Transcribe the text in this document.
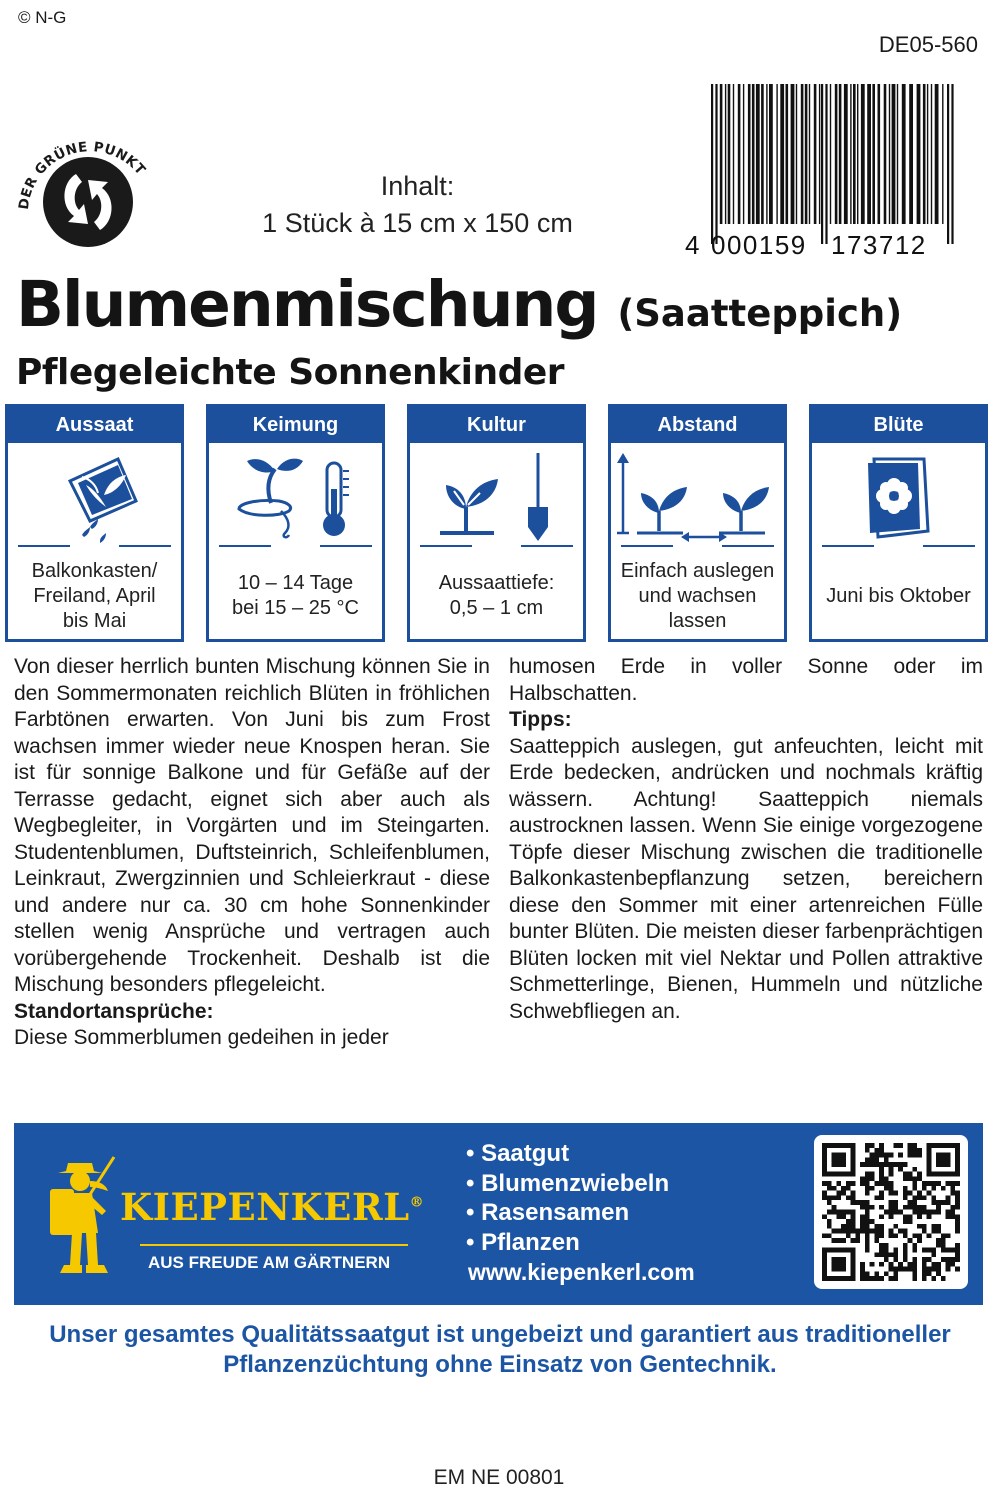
© N-G
DE05-560
DER GRÜNE PUNKT
Inhalt:
1 Stück à 15 cm x 150 cm
4 000159 173712
Blumenmischung (Saatteppich)
Pflegeleichte Sonnenkinder
Aussaat
Balkonkasten/
Freiland, April
bis Mai
Keimung
10 – 14 Tage
bei 15 – 25 °C
Kultur
Aussaattiefe:
0,5 – 1 cm
Abstand
Einfach auslegen
und wachsen
lassen
Blüte
Juni bis Oktober

Von dieser herrlich bunten Mischung können Sie in den Sommermonaten reichlich Blüten in fröhlichen Farbtönen erwarten. Von Juni bis zum Frost wachsen immer wieder neue Knospen heran. Sie ist für sonnige Balkone und für Gefäße auf der Terrasse gedacht, eignet sich aber auch als Wegbegleiter, in Vorgärten und im Steingarten. Studentenblumen, Duftsteinrich, Schleifenblumen, Leinkraut, Zwergzinnien und Schleierkraut - diese und andere nur ca. 30 cm hohe Sonnenkinder stellen wenig Ansprüche und vertragen auch vorübergehende Trockenheit. Deshalb ist die Mischung besonders pflegeleicht.

Standortansprüche:

Diese Sommerblumen gedeihen in jeder

humosen Erde in voller Sonne oder im Halbschatten.

Tipps:

Saatteppich auslegen, gut anfeuchten, leicht mit Erde bedecken, andrücken und nochmals kräftig wässern. Achtung! Saatteppich niemals austrocknen lassen. Wenn Sie einige vorgezogene Töpfe dieser Mischung zwischen die traditionelle Balkonkastenbepflanzung setzen, bereichern diese den Sommer mit einer artenreichen Fülle bunter Blüten. Die meisten dieser farbenprächtigen Blüten locken mit viel Nektar und Pollen attraktive Schmetterlinge, Bienen, Hummeln und nützliche Schwebfliegen an.

KIEPENKERL®
AUS FREUDE AM GÄRTNERN
• Saatgut
• Blumenzwiebeln
• Rasensamen
• Pflanzen
www.kiepenkerl.com
Unser gesamtes Qualitätssaatgut ist ungebeizt und garantiert aus traditioneller Pflanzenzüchtung ohne Einsatz von Gentechnik.
EM NE 00801
